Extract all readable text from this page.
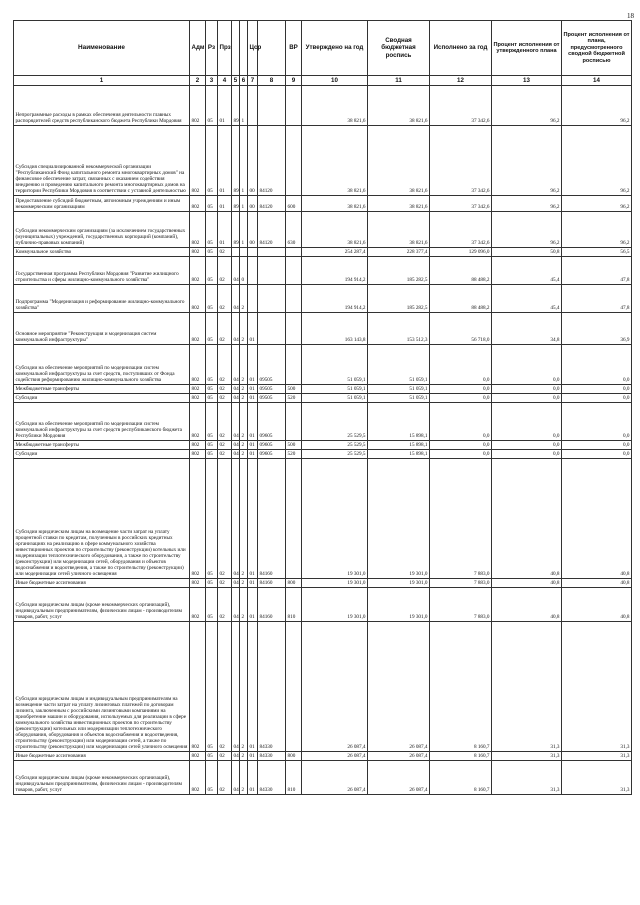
18
Наименование	Адм	Рз	Прз			Цср		ВР	Утверждено на год	Сводная бюджетная роспись	Исполнено за год	Процент исполнения от утвержденного плана	Процент исполнения от плана, предусмотренного сводной бюджетной росписью
1	2	3	4	5	6	7	8	9	10	11	12	13	14
Непрограммные расходы в рамках обеспечения деятельности главных распорядителей средств республиканского бюджета Республики Мордовия	802	05	01	89	1				38 821,6	38 821,6	37 342,6	96,2	96,2
Субсидия специализированной некоммерческой организации "Республиканский Фонд капитального ремонта многоквартирных домов" на финансовое обеспечение затрат, связанных с оказанием содействия внедрению и проведению капитального ремонта многоквартирных домов на территории Республики Мордовия в соответствии с уставной деятельностью	802	05	01	89	1	00	84120		38 821,6	38 821,6	37 342,6	96,2	96,2
Предоставление субсидий бюджетным, автономным учреждениям и иным некоммерческим организациям	802	05	01	89	1	00	84120	600	38 821,6	38 821,6	37 342,6	96,2	96,2
Субсидии некоммерческим организациям (за исключением государственных (муниципальных) учреждений, государственных корпораций (компаний), публично-правовых компаний)	802	05	01	89	1	00	84120	630	38 821,6	38 821,6	37 342,6	96,2	96,2
Коммунальное хозяйство	802	05	02						254 287,4	228 377,4	129 096,0	50,8	56,5
Государственная программа Республики Мордовия "Развитие жилищного строительства и сферы жилищно-коммунального хозяйства"	802	05	02	04	0				194 914,2	185 282,5	88 488,2	45,4	47,8
Подпрограмма "Модернизация и реформирование жилищно-коммунального хозяйства"	802	05	02	04	2				194 914,2	185 282,5	88 488,2	45,4	47,8
Основное мероприятие "Реконструкция и модернизация систем коммунальной инфраструктуры"	802	05	02	04	2	01			163 143,8	153 512,3	56 718,0	34,8	36,9
Субсидии на обеспечение мероприятий по модернизации систем коммунальной инфраструктуры за счет средств, поступивших от Фонда содействия реформированию жилищно-коммунального хозяйства	802	05	02	04	2	01	09505		51 059,1	51 059,1	0,0	0,0	0,0
Межбюджетные трансферты	802	05	02	04	2	01	09505	500	51 059,1	51 059,1	0,0	0,0	0,0
Субсидии	802	05	02	04	2	01	09505	520	51 059,1	51 059,1	0,0	0,0	0,0
Субсидии на обеспечение мероприятий по модернизации систем коммунальной инфраструктуры за счет средств республиканского бюджета Республики Мордовия	802	05	02	04	2	01	09605		25 529,5	15 898,1	0,0	0,0	0,0
Межбюджетные трансферты	802	05	02	04	2	01	09605	500	25 529,5	15 898,1	0,0	0,0	0,0
Субсидии	802	05	02	04	2	01	09605	520	25 529,5	15 898,1	0,0	0,0	0,0
Субсидии юридическим лицам на возмещение части затрат на уплату процентной ставки по кредитам, полученным в российских кредитных организациях на реализацию в сфере коммунального хозяйства инвестиционных проектов по строительству (реконструкции) котельных или модернизации теплотехнического оборудования, а также по строительству (реконструкции) или модернизации сетей, оборудования и объектов водоснабжения и водоотведения, а также по строительству (реконструкции) или модернизации сетей уличного освещения	802	05	02	04	2	01	84160		19 301,0	19 301,0	7 883,0	40,8	40,8
Иные бюджетные ассигнования	802	05	02	04	2	01	84160	800	19 301,0	19 301,0	7 883,0	40,8	40,8
Субсидии юридическим лицам (кроме некоммерческих организаций), индивидуальным предпринимателям, физическим лицам - производителям товаров, работ, услуг	802	05	02	04	2	01	84160	810	19 301,0	19 301,0	7 883,0	40,8	40,8
Субсидии юридическим лицам и индивидуальным предпринимателям на возмещение части затрат на уплату лизинговых платежей по договорам лизинга, заключенным с российскими лизинговыми компаниями на приобретение машин и оборудования, используемых для реализации в сфере коммунального хозяйства инвестиционных проектов по строительству (реконструкции) котельных или модернизации теплотехнического оборудования, оборудования и объектов водоснабжения и водоотведения, строительству (реконструкции) или модернизации сетей, а также по строительству (реконструкции) или модернизации сетей уличного освещения	802	05	02	04	2	01	84330		26 087,4	26 087,4	8 160,7	31,3	31,3
Иные бюджетные ассигнования	802	05	02	04	2	01	84330	800	26 087,4	26 087,4	8 160,7	31,3	31,3
Субсидии юридическим лицам (кроме некоммерческих организаций), индивидуальным предпринимателям, физическим лицам - производителям товаров, работ, услуг	802	05	02	04	2	01	84330	810	26 087,4	26 087,4	8 160,7	31,3	31,3
